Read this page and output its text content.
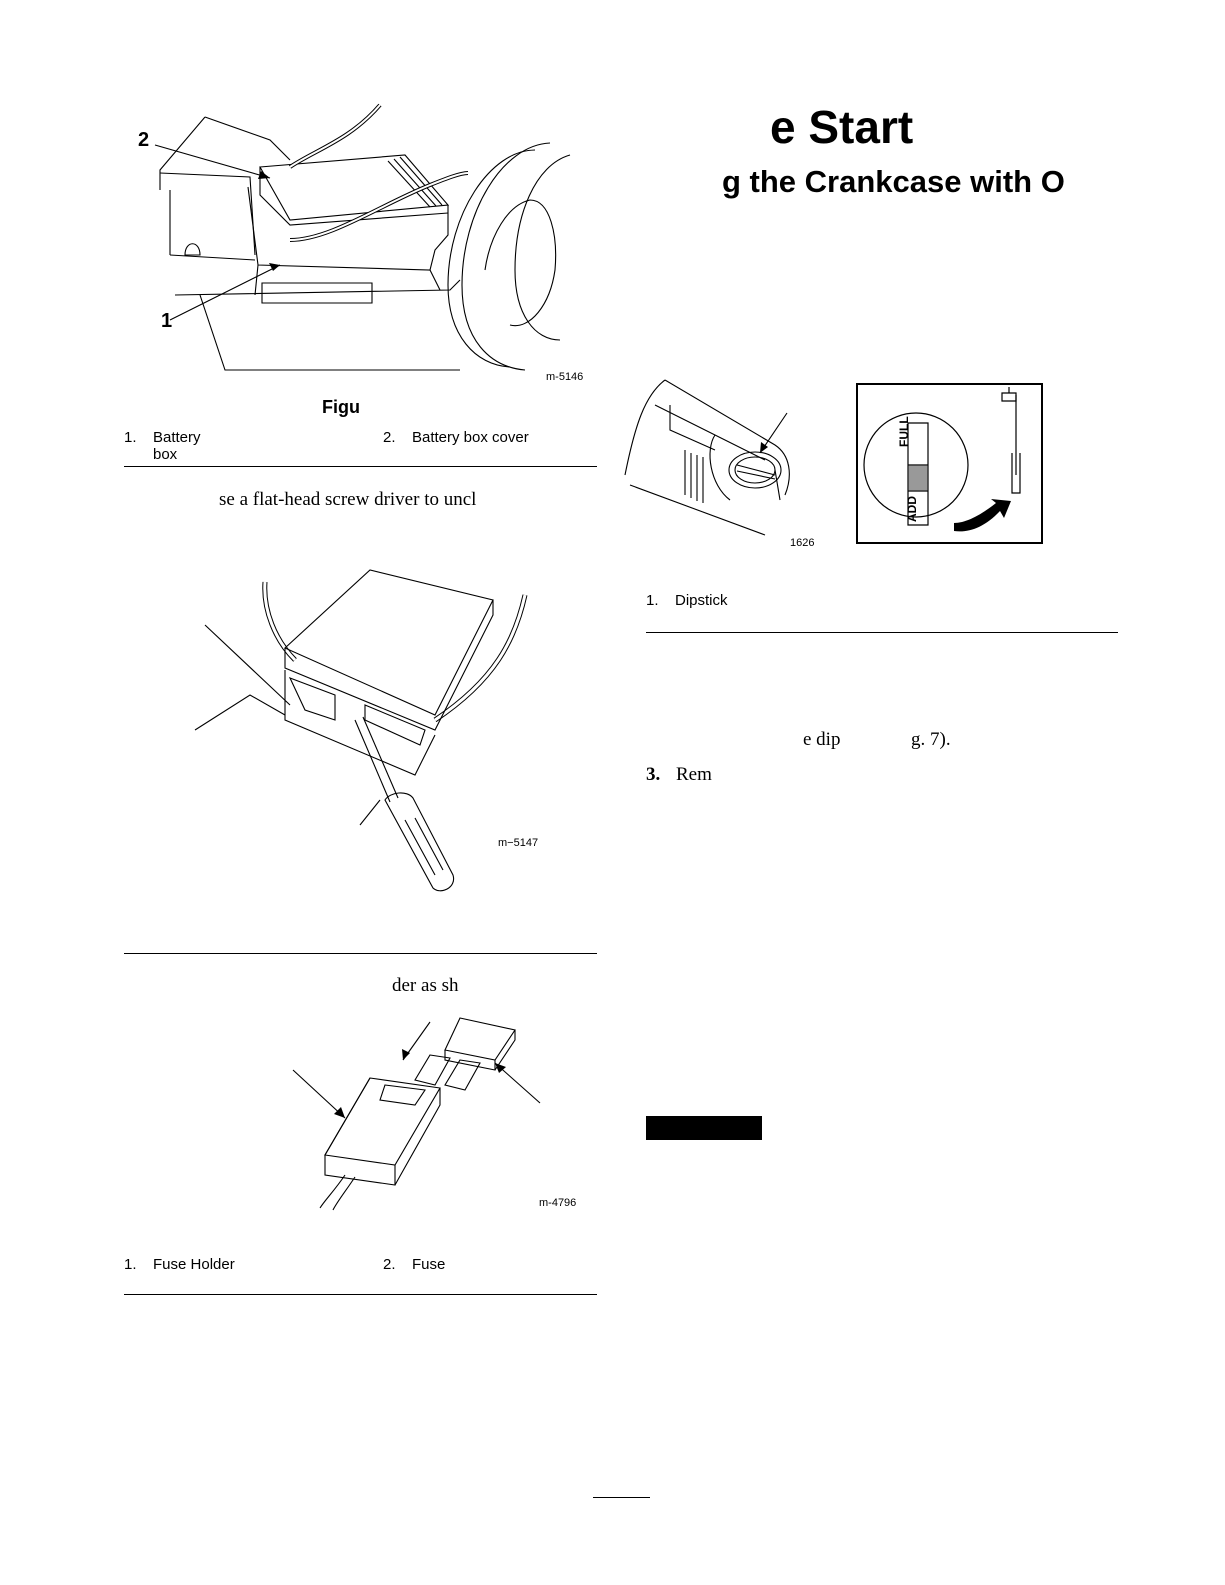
2
1
m-5146
Figu
1. Battery box
2. Battery box cover
se a flat-head screw driver to uncl
m−5147
der as sh
m-4796
1. Fuse Holder	2. Fuse
e Start
g the Crankcase with O
1626
FULL
ADD
1. Dipstick
e dip	g. 7).
3. Rem
